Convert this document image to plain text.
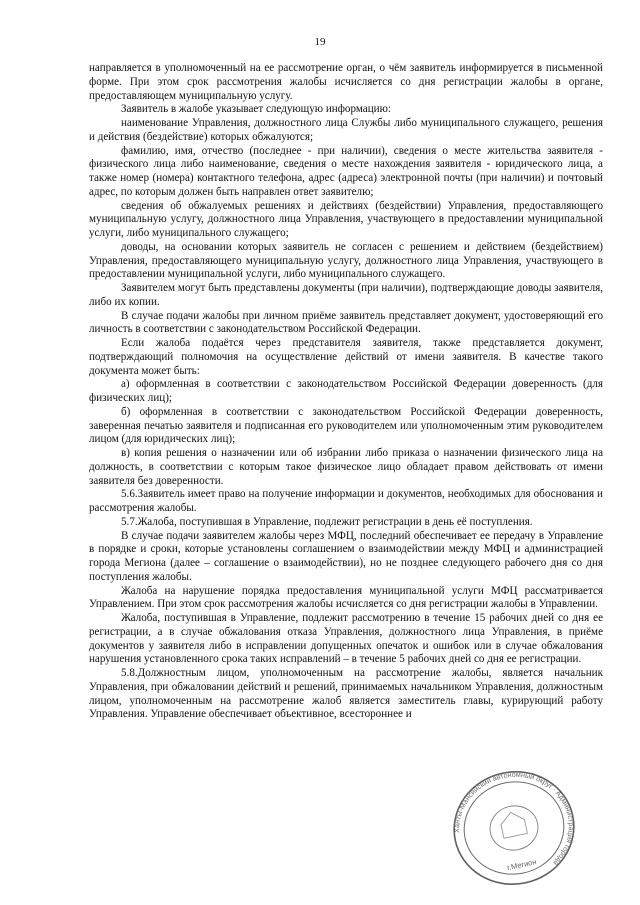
19

направляется в уполномоченный на ее рассмотрение орган, о чём заявитель информируется в письменной форме. При этом срок рассмотрения жалобы исчисляется со дня регистрации жалобы в органе, предоставляющем муниципальную услугу.

Заявитель в жалобе указывает следующую информацию:

наименование Управления, должностного лица Службы либо муниципального служащего, решения и действия (бездействие) которых обжалуются;

фамилию, имя, отчество (последнее - при наличии), сведения о месте жительства заявителя - физического лица либо наименование, сведения о месте нахождения заявителя - юридического лица, а также номер (номера) контактного телефона, адрес (адреса) электронной почты (при наличии) и почтовый адрес, по которым должен быть направлен ответ заявителю;

сведения об обжалуемых решениях и действиях (бездействии) Управления, предоставляющего муниципальную услугу, должностного лица Управления, участвующего в предоставлении муниципальной услуги, либо муниципального служащего;

доводы, на основании которых заявитель не согласен с решением и действием (бездействием) Управления, предоставляющего муниципальную услугу, должностного лица Управления, участвующего в предоставлении муниципальной услуги, либо муниципального служащего.

Заявителем могут быть представлены документы (при наличии), подтверждающие доводы заявителя, либо их копии.

В случае подачи жалобы при личном приёме заявитель представляет документ, удостоверяющий его личность в соответствии с законодательством Российской Федерации.

Если жалоба подаётся через представителя заявителя, также представляется документ, подтверждающий полномочия на осуществление действий от имени заявителя. В качестве такого документа может быть:

а) оформленная в соответствии с законодательством Российской Федерации доверенность (для физических лиц);

б) оформленная в соответствии с законодательством Российской Федерации доверенность, заверенная печатью заявителя и подписанная его руководителем или уполномоченным этим руководителем лицом (для юридических лиц);

в) копия решения о назначении или об избрании либо приказа о назначении физического лица на должность, в соответствии с которым такое физическое лицо обладает правом действовать от имени заявителя без доверенности.

5.6.Заявитель имеет право на получение информации и документов, необходимых для обоснования и рассмотрения жалобы.

5.7.Жалоба, поступившая в Управление, подлежит регистрации в день её поступления.

В случае подачи заявителем жалобы через МФЦ, последний обеспечивает ее передачу в Управление в порядке и сроки, которые установлены соглашением о взаимодействии между МФЦ и администрацией города Мегиона (далее – соглашение о взаимодействии), но не позднее следующего рабочего дня со дня поступления жалобы.

Жалоба на нарушение порядка предоставления муниципальной услуги МФЦ рассматривается Управлением. При этом срок рассмотрения жалобы исчисляется со дня регистрации жалобы в Управлении.

Жалоба, поступившая в Управление, подлежит рассмотрению в течение 15 рабочих дней со дня ее регистрации, а в случае обжалования отказа Управления, должностного лица Управления, в приёме документов у заявителя либо в исправлении допущенных опечаток и ошибок или в случае обжалования нарушения установленного срока таких исправлений – в течение 5 рабочих дней со дня ее регистрации.

5.8.Должностным лицом, уполномоченным на рассмотрение жалобы, является начальник Управления, при обжаловании действий и решений, принимаемых начальником Управления, должностным лицом, уполномоченным на рассмотрение жалоб является заместитель главы, курирующий работу Управления. Управление обеспечивает объективное, всестороннее и

Ханты-Мансийский автономный округ · Администрация города
г.Мегион
